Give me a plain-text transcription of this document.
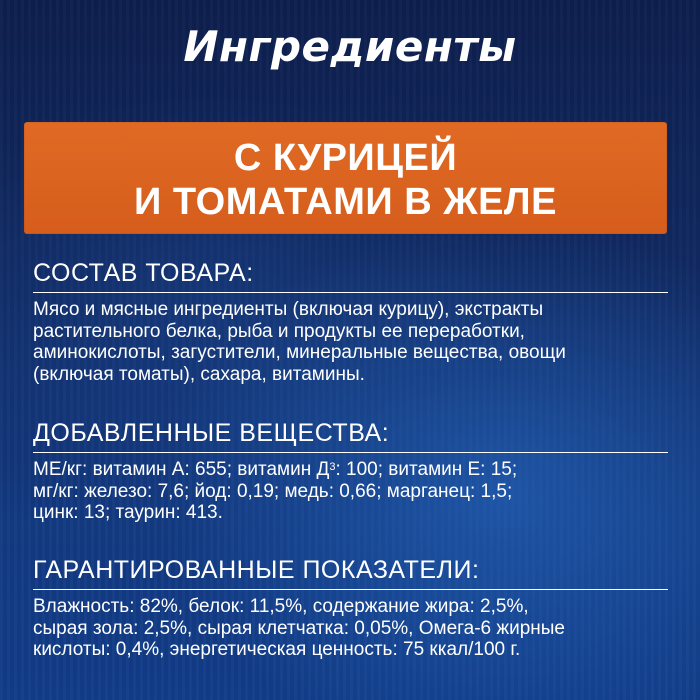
Ингредиенты
С КУРИЦЕЙ
И ТОМАТАМИ В ЖЕЛЕ
СОСТАВ ТОВАРА:

Мясо и мясные ингредиенты (включая курицу), экстракты
растительного белка, рыба и продукты ее переработки,
аминокислоты, загустители, минеральные вещества, овощи
(включая томаты), сахара, витамины.

ДОБАВЛЕННЫЕ ВЕЩЕСТВА:

МЕ/кг: витамин А: 655; витамин $Д^3$: 100; витамин Е: 15;
мг/кг: железо: 7,6; йод: 0,19; медь: 0,66; марганец: 1,5;
цинк: 13; таурин: 413.

ГАРАНТИРОВАННЫЕ ПОКАЗАТЕЛИ:

Влажность: 82%, белок: 11,5%, содержание жира: 2,5%,
сырая зола: 2,5%, сырая клетчатка: 0,05%, Омега-6 жирные
кислоты: 0,4%, энергетическая ценность: 75 ккал/100 г.
